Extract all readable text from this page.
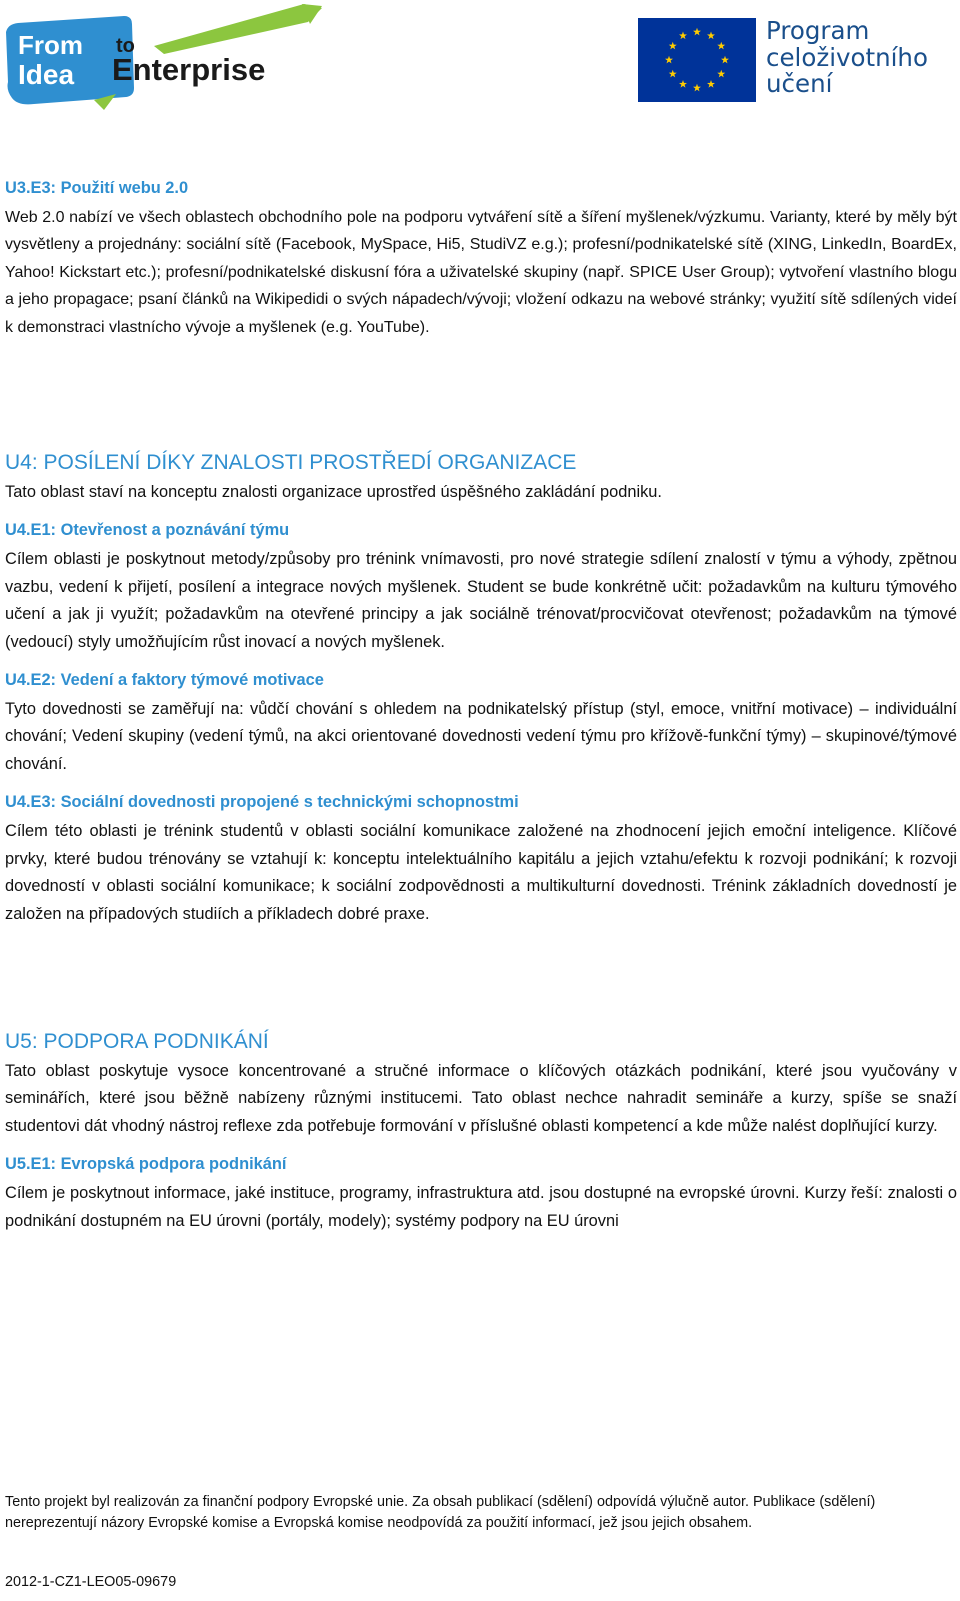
From
Idea
to
Enterprise
Program
celoživotního
učení
U3.E3: Použití webu 2.0

Web 2.0 nabízí ve všech oblastech obchodního pole na podporu vytváření sítě a šíření myšlenek/výzkumu. Varianty, které by měly být vysvětleny a projednány: sociální sítě (Facebook, MySpace, Hi5, StudiVZ e.g.); profesní/podnikatelské sítě (XING, LinkedIn, BoardEx, Yahoo! Kickstart etc.); profesní/podnikatelské diskusní fóra a uživatelské skupiny (např. SPICE User Group); vytvoření vlastního blogu a jeho propagace; psaní článků na Wikipedidi o svých nápadech/vývoji; vložení odkazu na webové stránky; využití sítě sdílených videí k demonstraci vlastnícho vývoje a myšlenek (e.g. YouTube).

U4: POSÍLENÍ DÍKY ZNALOSTI PROSTŘEDÍ ORGANIZACE

Tato oblast staví na konceptu znalosti organizace uprostřed úspěšného zakládání podniku.

U4.E1: Otevřenost a poznávání týmu

Cílem oblasti je poskytnout metody/způsoby pro trénink vnímavosti, pro nové strategie sdílení znalostí v týmu a výhody, zpětnou vazbu, vedení k přijetí, posílení a integrace nových myšlenek. Student se bude konkrétně učit: požadavkům na kulturu týmového učení a jak ji využít; požadavkům na otevřené principy a jak sociálně trénovat/procvičovat otevřenost; požadavkům na týmové (vedoucí) styly umožňujícím růst inovací a nových myšlenek.

U4.E2: Vedení a faktory týmové motivace

Tyto dovednosti se zaměřují na: vůdčí chování s ohledem na podnikatelský přístup (styl, emoce, vnitřní motivace) – individuální chování; Vedení skupiny (vedení týmů, na akci orientované dovednosti vedení týmu pro křížově-funkční týmy) – skupinové/týmové chování.

U4.E3: Sociální dovednosti propojené s technickými schopnostmi

Cílem této oblasti je trénink studentů v oblasti sociální komunikace založené na zhodnocení jejich emoční inteligence. Klíčové prvky, které budou trénovány se vztahují k: konceptu intelektuálního kapitálu a jejich vztahu/efektu k rozvoji podnikání; k rozvoji dovedností v oblasti sociální komunikace; k sociální zodpovědnosti a multikulturní dovednosti. Trénink základních dovedností je založen na případových studiích a příkladech dobré praxe.

U5: PODPORA PODNIKÁNÍ

Tato oblast poskytuje vysoce koncentrované a stručné informace o klíčových otázkách podnikání, které jsou vyučovány v seminářích, které jsou běžně nabízeny různými institucemi. Tato oblast nechce nahradit semináře a kurzy, spíše se snaží studentovi dát vhodný nástroj reflexe zda potřebuje formování v příslušné oblasti kompetencí a kde může nalést doplňující kurzy.

U5.E1: Evropská podpora podnikání

Cílem je poskytnout informace, jaké instituce, programy, infrastruktura atd. jsou dostupné na evropské úrovni. Kurzy řeší: znalosti o podnikání dostupném na EU úrovni (portály, modely); systémy podpory na EU úrovni

Tento projekt byl realizován za finanční podpory Evropské unie. Za obsah publikací (sdělení) odpovídá výlučně autor. Publikace (sdělení) nereprezentují názory Evropské komise a Evropská komise neodpovídá za použití informací, jež jsou jejich obsahem.
2012-1-CZ1-LEO05-09679
